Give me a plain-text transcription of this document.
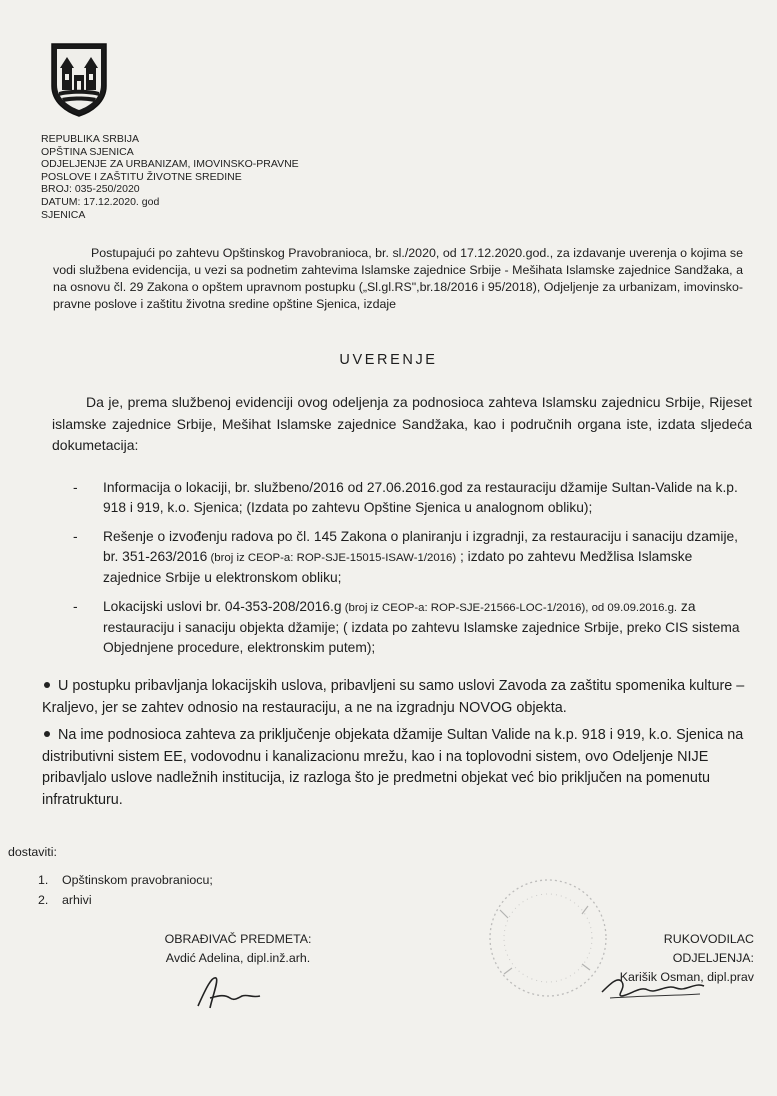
REPUBLIKA SRBIJA
OPŠTINA SJENICA
ODJELJENJE ZA URBANIZAM, IMOVINSKO-PRAVNE
POSLOVE I ZAŠTITU ŽIVOTNE SREDINE
BROJ: 035-250/2020
DATUM: 17.12.2020. god
SJENICA

Postupajući po zahtevu Opštinskog Pravobranioca, br. sl./2020, od 17.12.2020.god., za izdavanje uverenja o kojima se vodi službena evidencija, u vezi sa podnetim zahtevima Islamske zajednice Srbije - Mešihata Islamske zajednice Sandžaka, a na osnovu čl. 29 Zakona o opštem upravnom postupku („Sl.gl.RS",br.18/2016 i 95/2018), Odjeljenje za urbanizam, imovinsko-pravne poslove i zaštitu životna sredine opštine Sjenica, izdaje

UVERENJE

Da je, prema službenoj evidenciji ovog odeljenja za podnosioca zahteva Islamsku zajednicu Srbije, Rijeset islamske zajednice Srbije, Mešihat Islamske zajednice Sandžaka, kao i područnih organa iste, izdata sljedeća dokumetacija:

- Informacija o lokaciji, br. službeno/2016 od 27.06.2016.god za restauraciju džamije Sultan-Valide na k.p. 918 i 919, k.o. Sjenica; (Izdata po zahtevu Opštine Sjenica u analognom obliku);
- Rešenje o izvođenju radova po čl. 145 Zakona o planiranju i izgradnji, za restauraciju i sanaciju dzamije, br. 351-263/2016 (broj iz CEOP-a: ROP-SJE-15015-ISAW-1/2016) ; izdato po zahtevu Medžlisa Islamske zajednice Srbije u elektronskom obliku;
- Lokacijski uslovi br. 04-353-208/2016.g (broj iz CEOP-a: ROP-SJE-21566-LOC-1/2016), od 09.09.2016.g. za restauraciju i sanaciju objekta džamije; ( izdata po zahtevu Islamske zajednice Srbije, preko CIS sistema Objednjene procedure, elektronskim putem);
U postupku pribavljanja lokacijskih uslova, pribavljeni su samo uslovi Zavoda za zaštitu spomenika kulture – Kraljevo, jer se zahtev odnosio na restauraciju, a ne na izgradnju NOVOG objekta.
Na ime podnosioca zahteva za priključenje objekata džamije Sultan Valide na k.p. 918 i 919, k.o. Sjenica na distributivni sistem EE, vodovodnu i kanalizacionu mrežu, kao i na toplovodni sistem, ovo Odeljenje NIJE pribavljalo uslove nadležnih institucija, iz razloga što je predmetni objekat već bio priključen na pomenutu infratrukturu.
dostaviti:
1. Opštinskom pravobraniocu;
2. arhivi
OBRAĐIVAČ PREDMETA:
Avdić Adelina, dipl.inž.arh.
RUKOVODILAC ODJELJENJA:
Karišik Osman, dipl.prav
